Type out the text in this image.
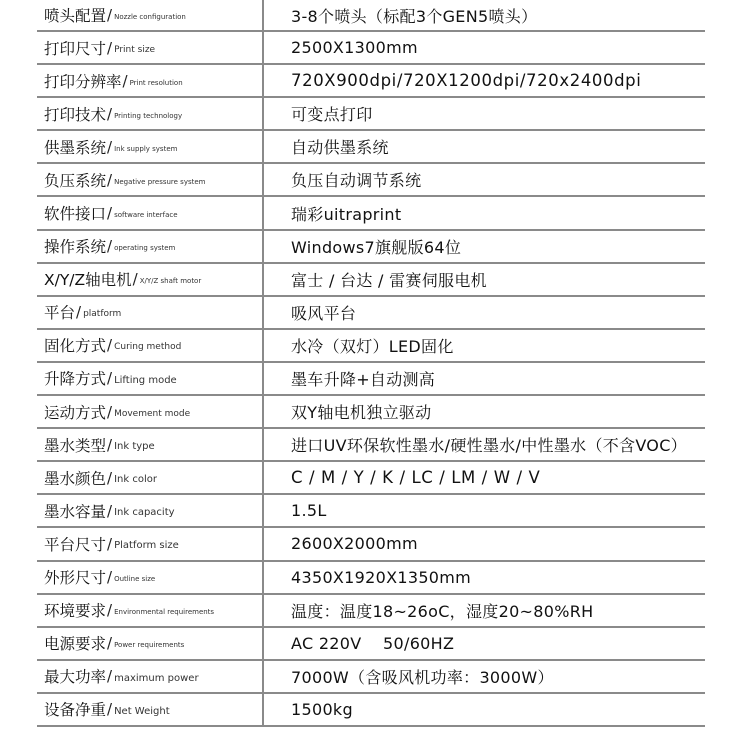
喷头配置 / Nozzle configuration	3-8个喷头（标配3个GEN5喷头）
打印尺寸 / Print size	2500X1300mm
打印分辨率 / Print resolution	720X900dpi/720X1200dpi/720x2400dpi
打印技术 / Printing technology	可变点打印
供墨系统 / Ink supply system	自动供墨系统
负压系统 / Negative pressure system	负压自动调节系统
软件接口 / software interface	瑞彩uitraprint
操作系统 / operating system	Windows7旗舰版64位
X/Y/Z轴电机 / X/Y/Z shaft motor	富士 / 台达 / 雷赛伺服电机
平台 / platform	吸风平台
固化方式 / Curing method	水冷（双灯）LED固化
升降方式 / Lifting mode	墨车升降+自动测高
运动方式 / Movement mode	双Y轴电机独立驱动
墨水类型 / Ink type	进口UV环保软性墨水/硬性墨水/中性墨水（不含VOC）
墨水颜色 / Ink color	C / M / Y / K / LC / LM / W / V
墨水容量 / Ink capacity	1.5L
平台尺寸 / Platform size	2600X2000mm
外形尺寸 / Outline size	4350X1920X1350mm
环境要求 / Environmental requirements	温度：温度18~26oC，湿度20~80%RH
电源要求 / Power requirements	AC 220V    50/60HZ
最大功率 / maximum power	7000W（含吸风机功率：3000W）
设备净重 / Net Weight	1500kg
